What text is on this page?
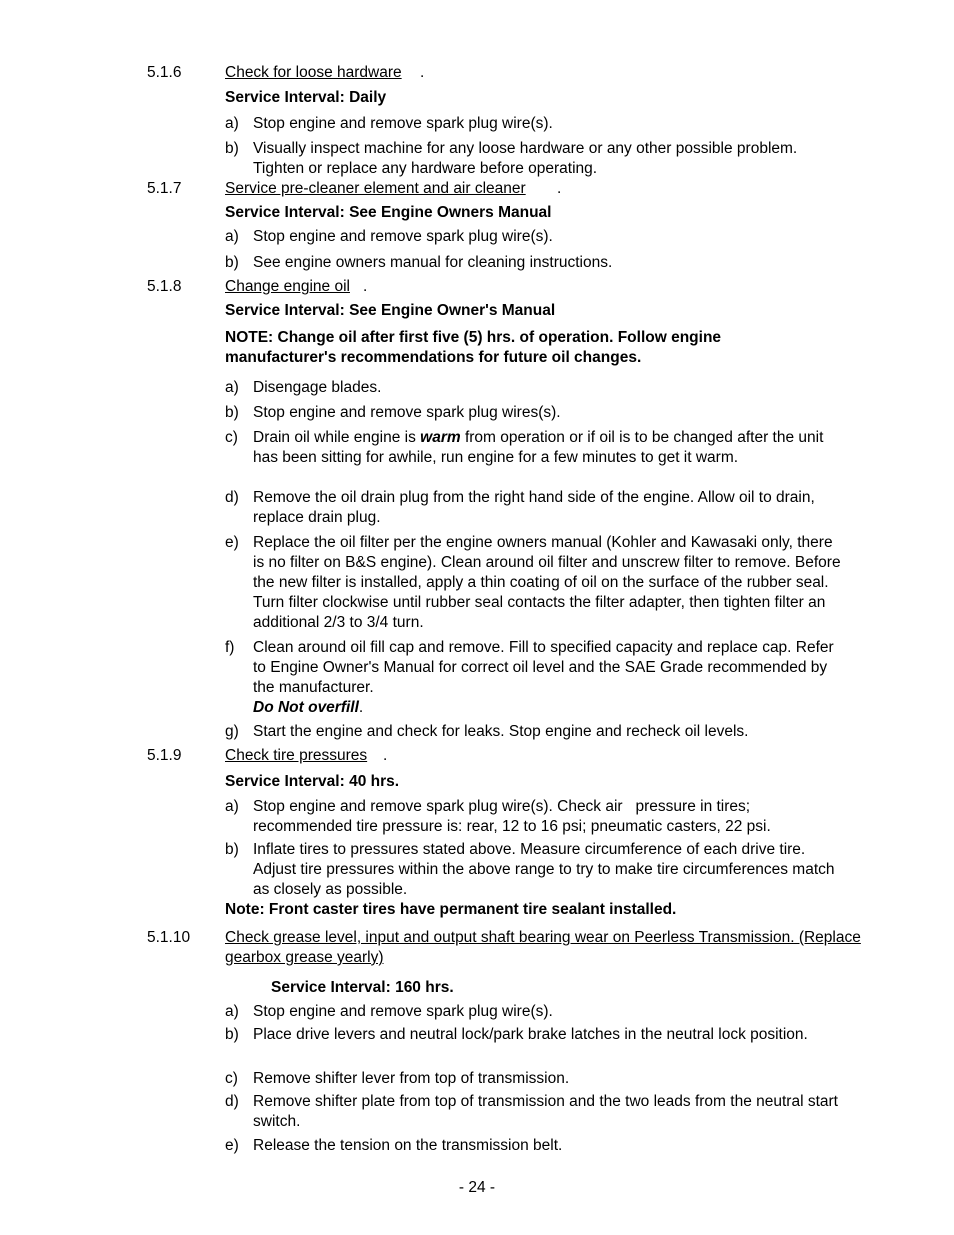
5.1.6	Check for loose hardware .
Service Interval: Daily
a) Stop engine and remove spark plug wire(s).
b) Visually inspect machine for any loose hardware or any other possible problem. Tighten or replace any hardware before operating.
5.1.7	Service pre-cleaner element and air cleaner .
Service Interval: See Engine Owners Manual
a) Stop engine and remove spark plug wire(s).
b) See engine owners manual for cleaning instructions.
5.1.8	Change engine oil .
Service Interval: See Engine Owner's Manual
NOTE: Change oil after first five (5) hrs. of operation. Follow engine manufacturer's recommendations for future oil changes.
a) Disengage blades.
b) Stop engine and remove spark plug wires(s).
c) Drain oil while engine is warm from operation or if oil is to be changed after the unit has been sitting for awhile, run engine for a few minutes to get it warm.
d) Remove the oil drain plug from the right hand side of the engine. Allow oil to drain, replace drain plug.
e) Replace the oil filter per the engine owners manual (Kohler and Kawasaki only, there is no filter on B&S engine). Clean around oil filter and unscrew filter to remove. Before the new filter is installed, apply a thin coating of oil on the surface of the rubber seal. Turn filter clockwise until rubber seal contacts the filter adapter, then tighten filter an additional 2/3 to 3/4 turn.
f) Clean around oil fill cap and remove. Fill to specified capacity and replace cap. Refer to Engine Owner's Manual for correct oil level and the SAE Grade recommended by the manufacturer.
Do Not overfill.
g) Start the engine and check for leaks. Stop engine and recheck oil levels.
5.1.9	Check tire pressures .
Service Interval: 40 hrs.
a) Stop engine and remove spark plug wire(s). Check air   pressure in tires; recommended tire pressure is: rear, 12 to 16 psi; pneumatic casters, 22 psi.
b) Inflate tires to pressures stated above. Measure circumference of each drive tire. Adjust tire pressures within the above range to try to make tire circumferences match as closely as possible.
Note: Front caster tires have permanent tire sealant installed.
5.1.10 Check grease level, input and output shaft bearing wear on Peerless Transmission. (Replace gearbox grease yearly)
Service Interval: 160 hrs.
a) Stop engine and remove spark plug wire(s).
b) Place drive levers and neutral lock/park brake latches in the neutral lock position.
c) Remove shifter lever from top of transmission.
d) Remove shifter plate from top of transmission and the two leads from the neutral start switch.
e) Release the tension on the transmission belt.
- 24 -
